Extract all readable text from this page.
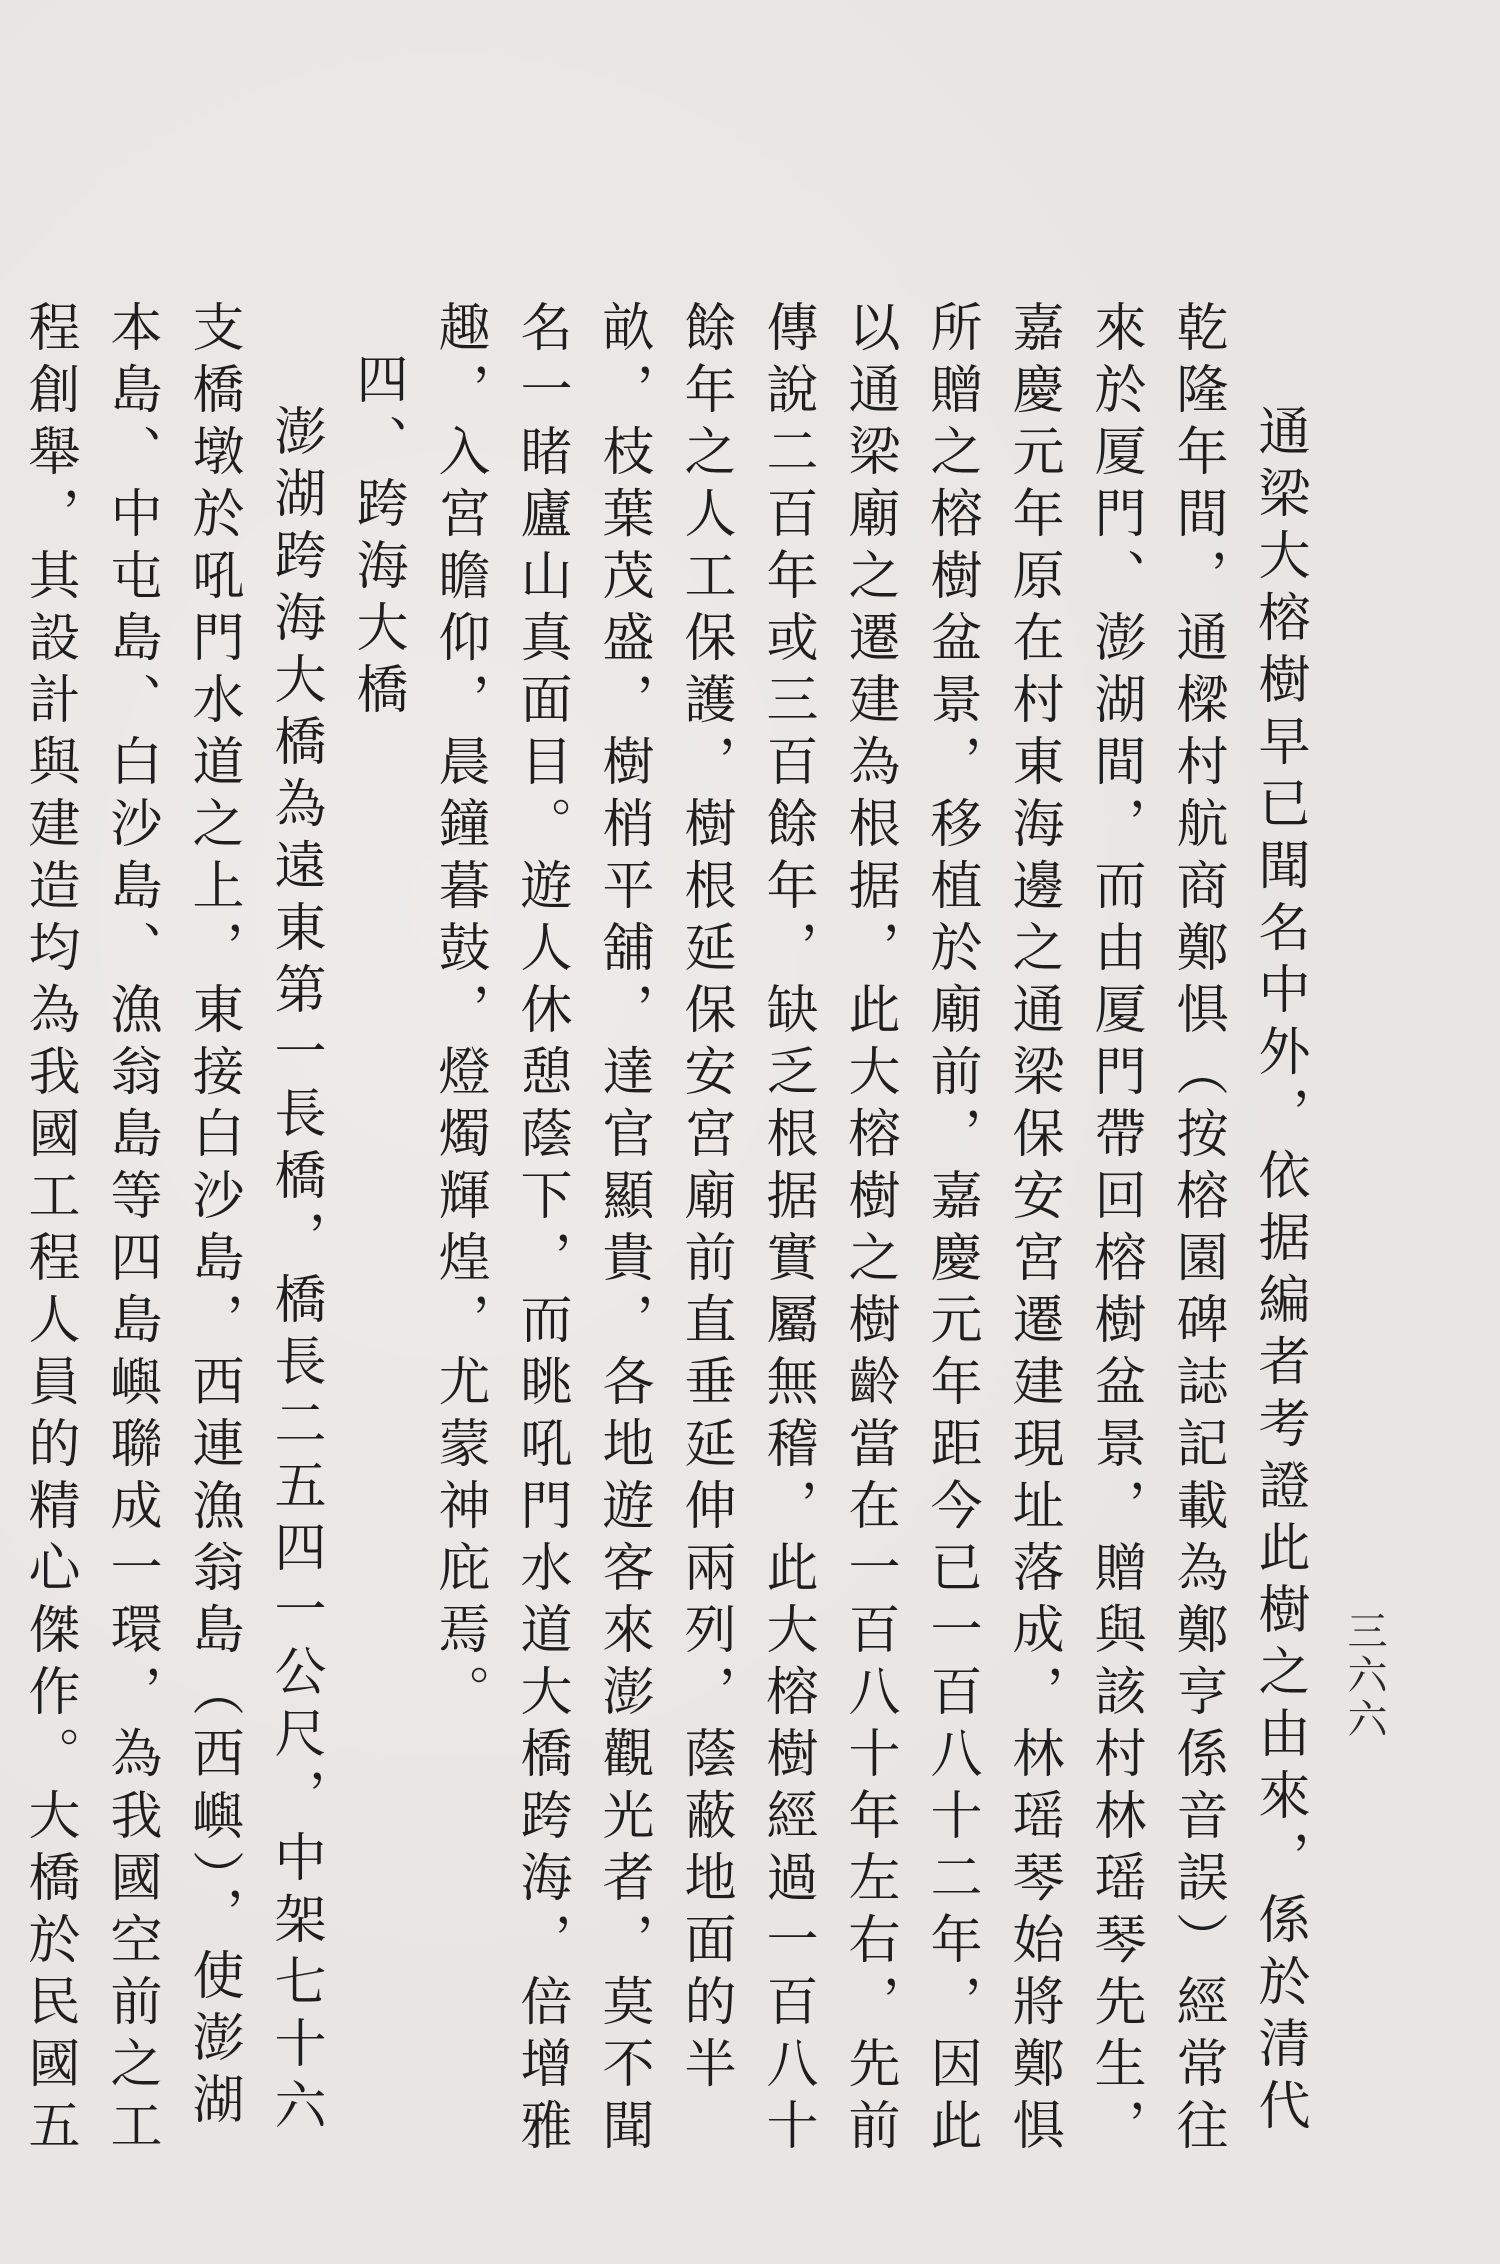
三六六

通梁大榕樹早已聞名中外，依据編者考證此樹之由來，係於清代乾隆年間，通樑村航商鄭惧（按榕園碑誌記載為鄭亨係音誤）經常往來於厦門、澎湖間，而由厦門帶回榕樹盆景，贈與該村林瑶琴先生，嘉慶元年原在村東海邊之通梁保安宮遷建現址落成，林瑶琴始將鄭惧所贈之榕樹盆景，移植於廟前，嘉慶元年距今已一百八十二年，因此以通梁廟之遷建為根据，此大榕樹之樹齡當在一百八十年左右，先前傳說二百年或三百餘年，缺乏根据實屬無稽，此大榕樹經過一百八十餘年之人工保護，樹根延保安宮廟前直垂延伸兩列，蔭蔽地面的半畝，枝葉茂盛，樹梢平舖，達官顯貴，各地遊客來澎觀光者，莫不聞名一睹廬山真面目。遊人休憩蔭下，而眺吼門水道大橋跨海，倍增雅趣，入宮瞻仰，晨鐘暮鼓，燈燭輝煌，尤蒙神庇焉。

四、跨海大橋

澎湖跨海大橋為遠東第一長橋，橋長二五四一公尺，中架七十六支橋墩於吼門水道之上，東接白沙島，西連漁翁島（西嶼），使澎湖本島、中屯島、白沙島、漁翁島等四島嶼聯成一環，為我國空前之工程創舉，其設計與建造均為我國工程人員的精心傑作。大橋於民國五　　　
